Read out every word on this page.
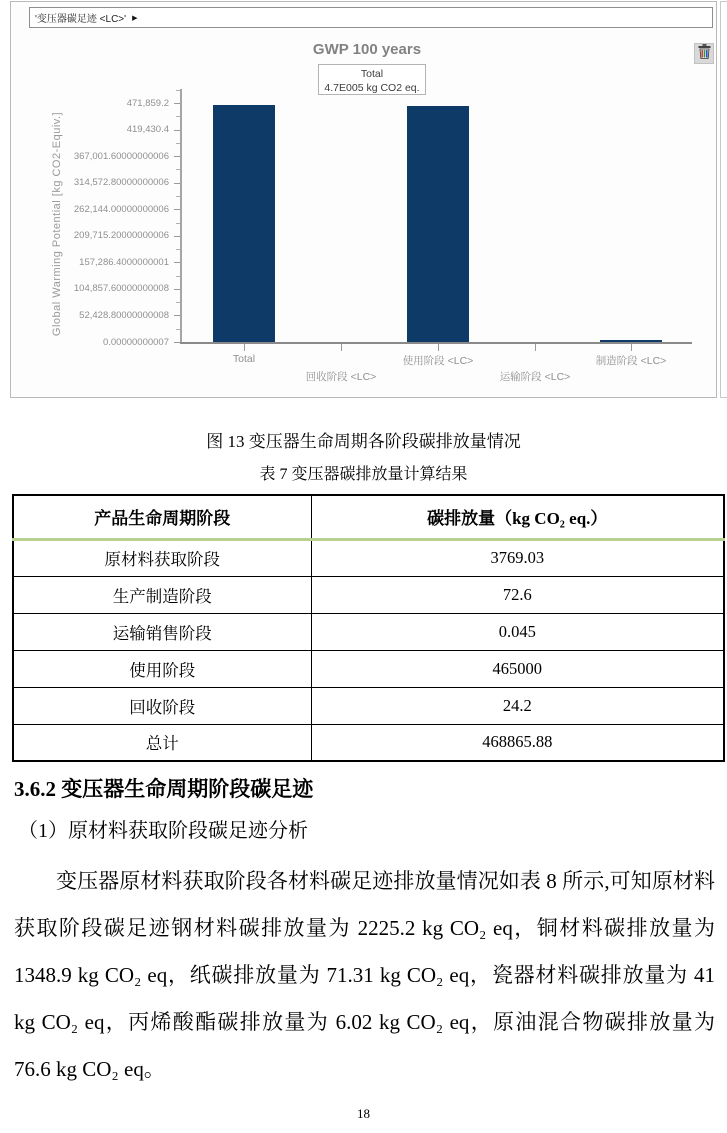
'变压器碳足迹 <LC>' ▶
GWP 100 years
Total
4.7E005 kg CO2 eq.
Global Warming Potential [kg CO2-Equiv.]
0.00000000007
52,428.80000000008
104,857.60000000008
157,286.4000000001
209,715.20000000006
262,144.00000000006
314,572.80000000006
367,001.60000000006
419,430.4
471,859.2
Total
回收阶段 <LC>
使用阶段 <LC>
运输阶段 <LC>
制造阶段 <LC>
图 13 变压器生命周期各阶段碳排放量情况
表 7 变压器碳排放量计算结果
产品生命周期阶段	碳排放量（kg CO₂ eq.）
原材料获取阶段	3769.03
生产制造阶段	72.6
运输销售阶段	0.045
使用阶段	465000
回收阶段	24.2
总计	468865.88
3.6.2 变压器生命周期阶段碳足迹
（1）原材料获取阶段碳足迹分析
变压器原材料获取阶段各材料碳足迹排放量情况如表 8 所示,可知原材料获取阶段碳足迹钢材料碳排放量为 2225.2 kg CO₂ eq，铜材料碳排放量为 1348.9 kg CO₂ eq，纸碳排放量为 71.31 kg CO₂ eq，瓷器材料碳排放量为 41 kg CO₂ eq，丙烯酸酯碳排放量为 6.02 kg CO₂ eq，原油混合物碳排放量为 76.6 kg CO₂ eq。
18
